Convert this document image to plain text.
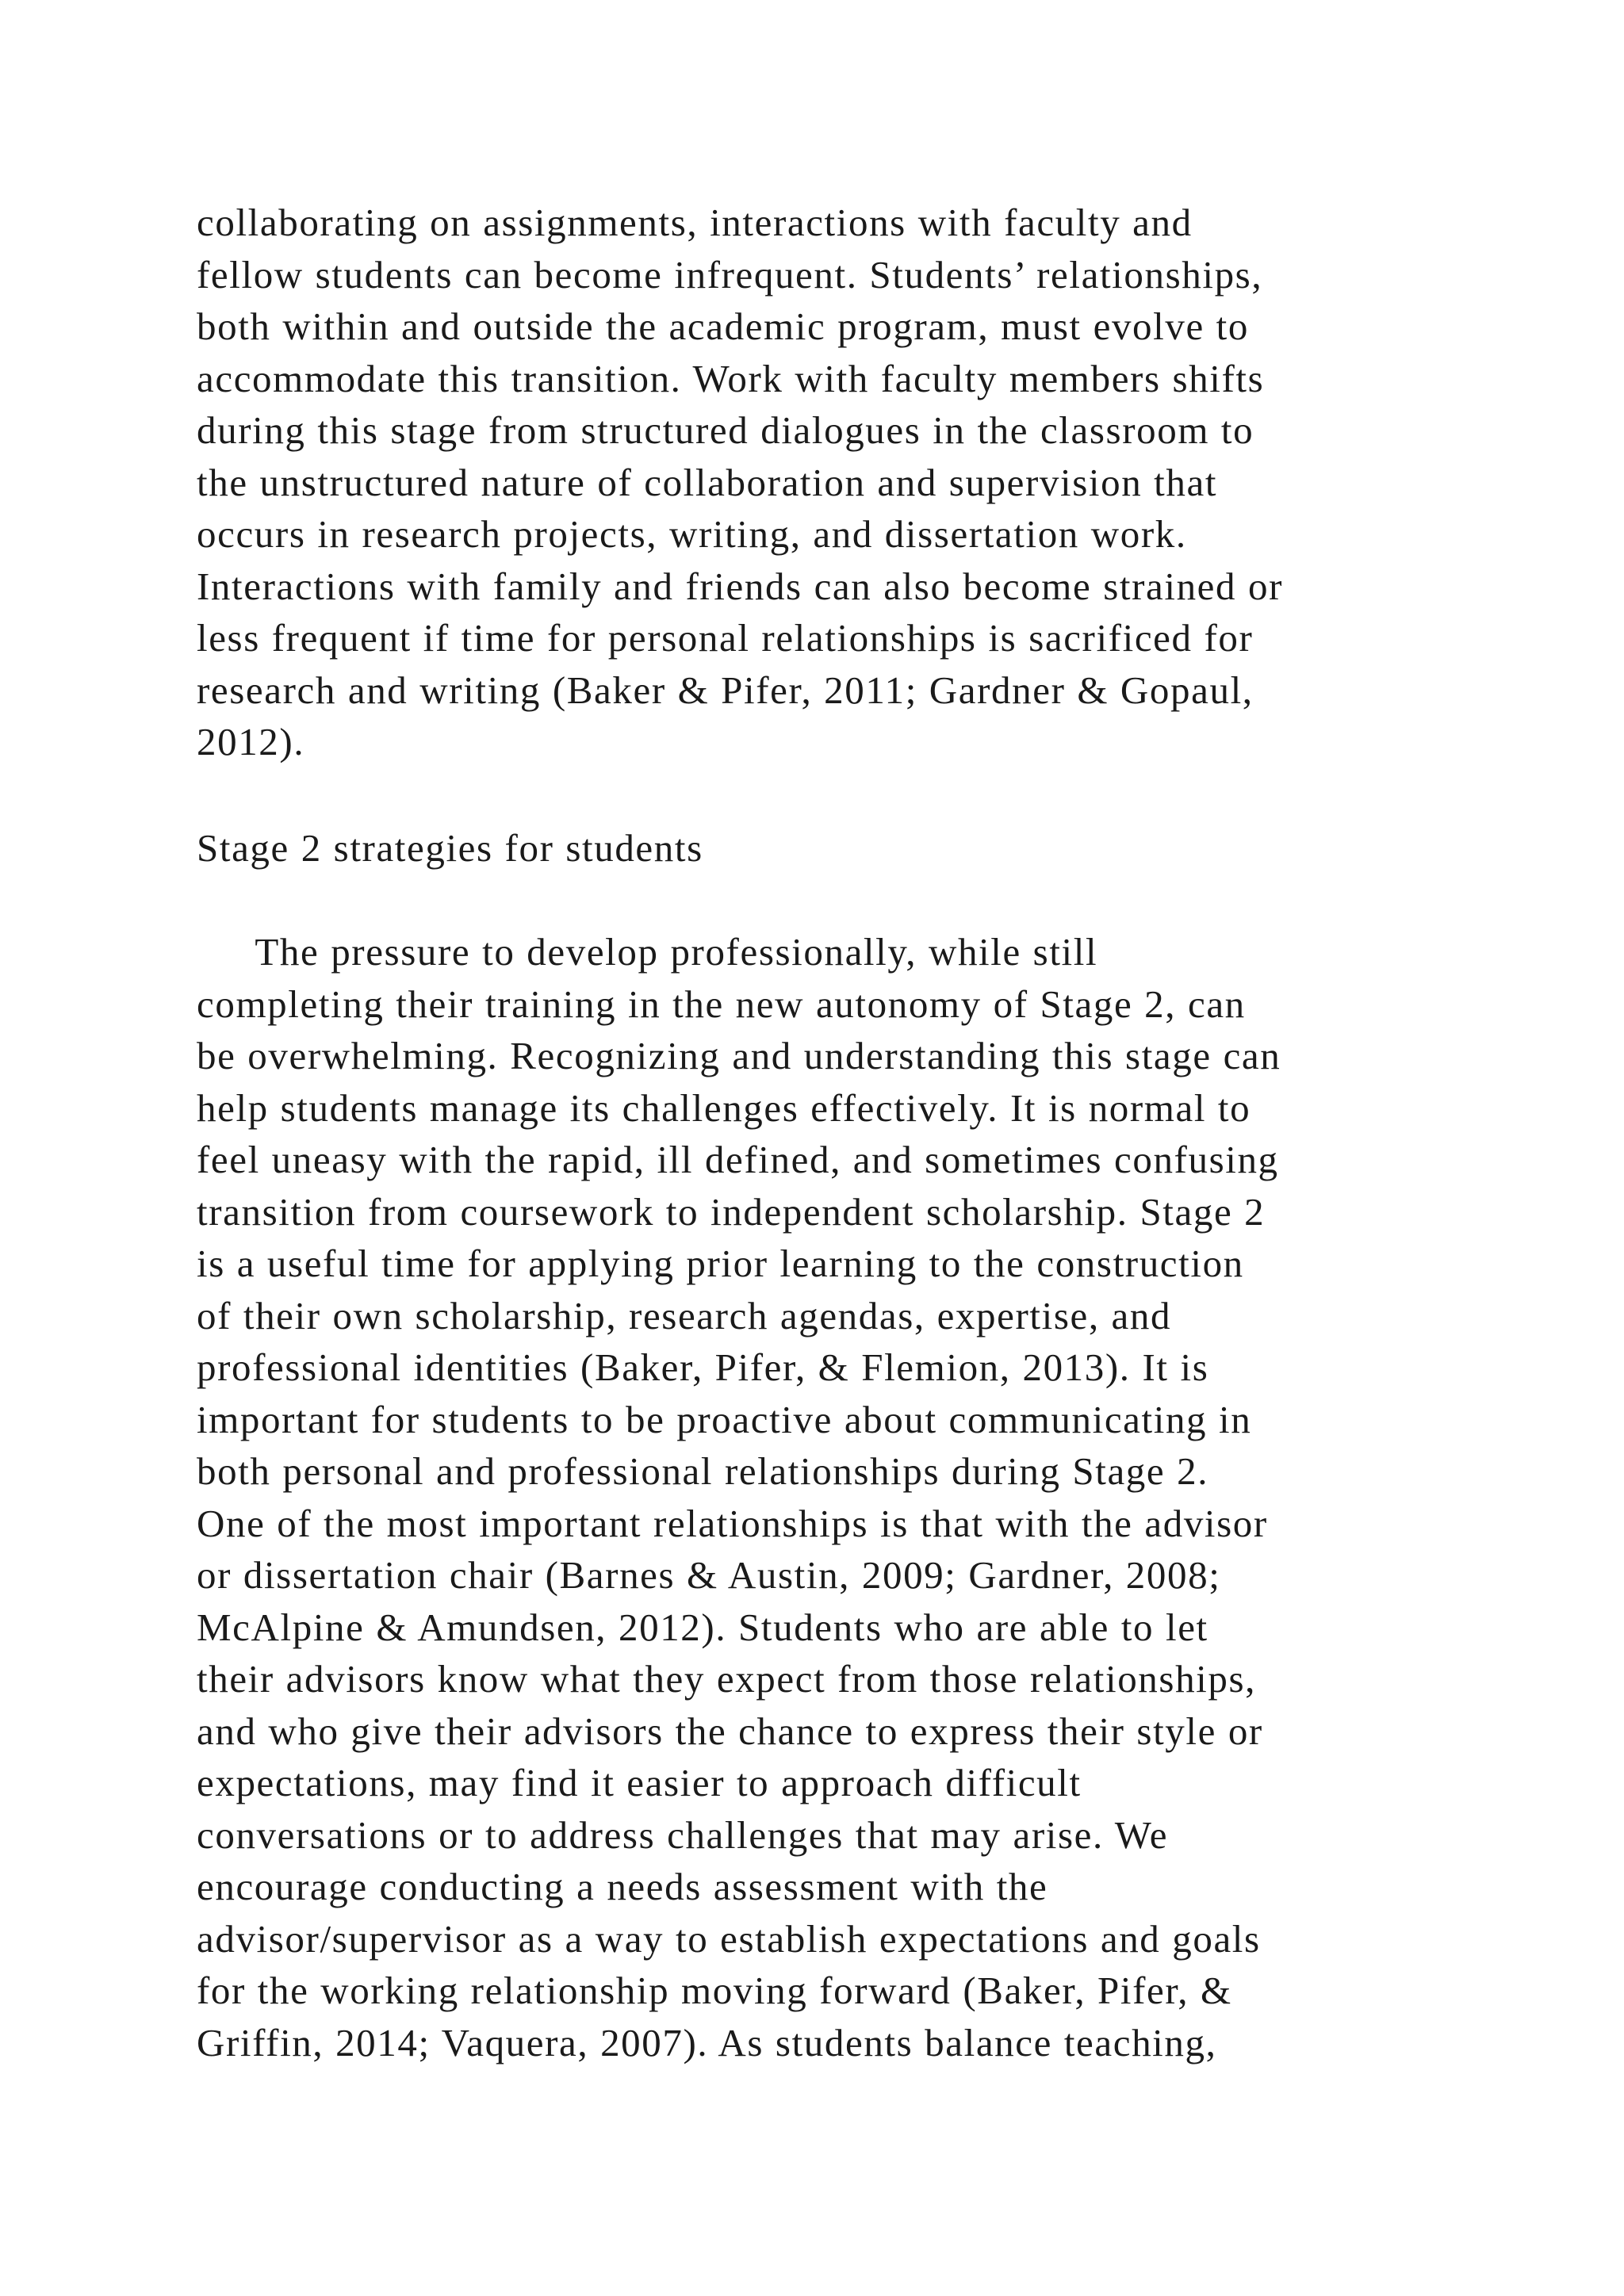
collaborating on assignments, interactions with faculty and
fellow students can become infrequent. Students’ relationships,
both within and outside the academic program, must evolve to
accommodate this transition. Work with faculty members shifts
during this stage from structured dialogues in the classroom to
the unstructured nature of collaboration and supervision that
occurs in research projects, writing, and dissertation work.
Interactions with family and friends can also become strained or
less frequent if time for personal relationships is sacrificed for
research and writing (Baker & Pifer, 2011; Gardner & Gopaul,
2012).
Stage 2 strategies for students
The pressure to develop professionally, while still
completing their training in the new autonomy of Stage 2, can
be overwhelming. Recognizing and understanding this stage can
help students manage its challenges effectively. It is normal to
feel uneasy with the rapid, ill defined, and sometimes confusing
transition from coursework to independent scholarship. Stage 2
is a useful time for applying prior learning to the construction
of their own scholarship, research agendas, expertise, and
professional identities (Baker, Pifer, & Flemion, 2013). It is
important for students to be proactive about communicating in
both personal and professional relationships during Stage 2.
One of the most important relationships is that with the advisor
or dissertation chair (Barnes & Austin, 2009; Gardner, 2008;
McAlpine & Amundsen, 2012). Students who are able to let
their advisors know what they expect from those relationships,
and who give their advisors the chance to express their style or
expectations, may find it easier to approach difficult
conversations or to address challenges that may arise. We
encourage conducting a needs assessment with the
advisor/supervisor as a way to establish expectations and goals
for the working relationship moving forward (Baker, Pifer, &
Griffin, 2014; Vaquera, 2007). As students balance teaching,
